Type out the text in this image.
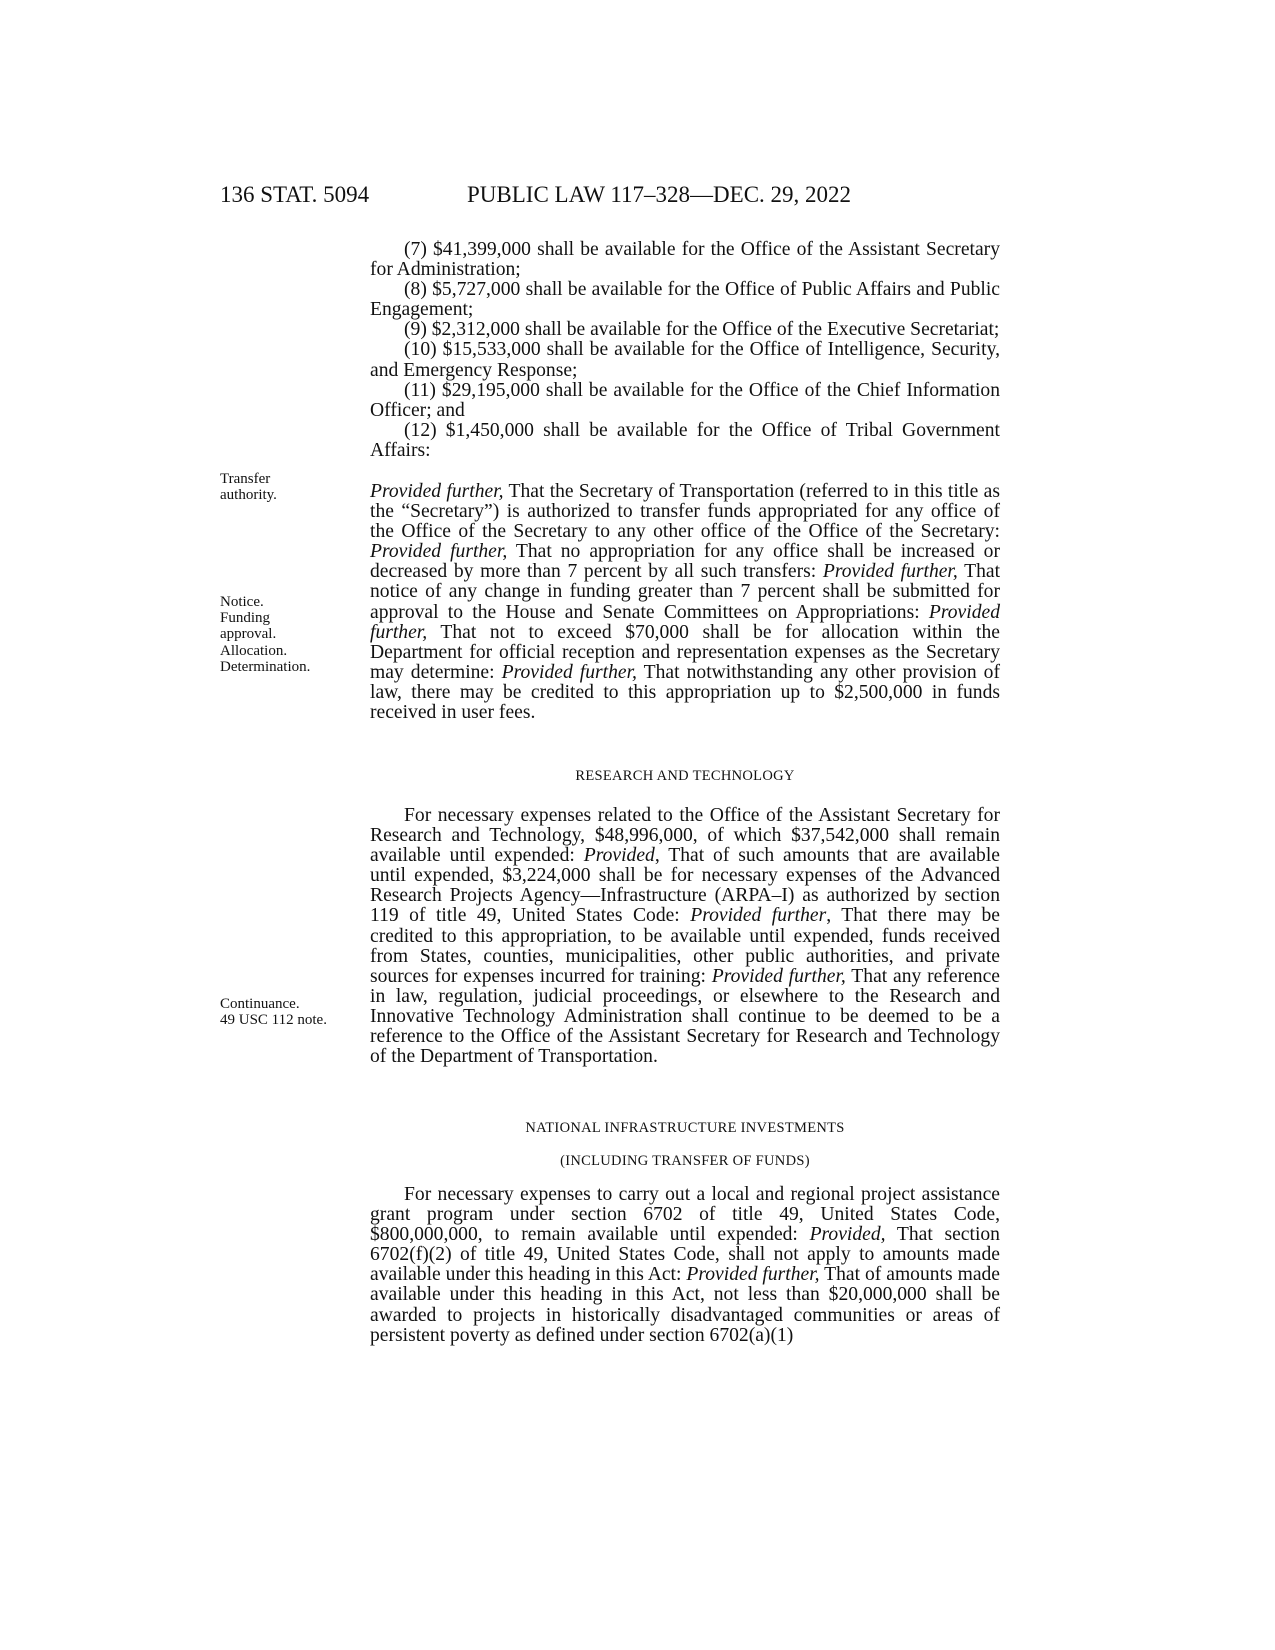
136 STAT. 5094	PUBLIC LAW 117–328—DEC. 29, 2022

(7) $41,399,000 shall be available for the Office of the Assistant Secretary for Administration;

(8) $5,727,000 shall be available for the Office of Public Affairs and Public Engagement;

(9) $2,312,000 shall be available for the Office of the Executive Secretariat;

(10) $15,533,000 shall be available for the Office of Intelligence, Security, and Emergency Response;

(11) $29,195,000 shall be available for the Office of the Chief Information Officer; and

(12) $1,450,000 shall be available for the Office of Tribal Government Affairs:

Transfer
authority.	Provided further, That the Secretary of Transportation (referred to in this title as the “Secretary”) is authorized to transfer funds appropriated for any office of the Office of the Secretary to any other office of the Office of the Secretary: Provided further, That no appropriation for any office shall be increased or decreased by more than 7 percent by all such transfers: Provided further, That notice of any change in funding greater than 7 percent shall be submitted for approval to the House and Senate Committees on Appropriations: Provided further, That not to exceed $70,000 shall be for allocation within the Department for official reception and representation expenses as the Secretary may determine: Provided further, That notwithstanding any other provision of law, there may be credited to this appropriation up to $2,500,000 in funds received in user fees.

Notice.
Funding
approval.
Allocation.
Determination.
RESEARCH AND TECHNOLOGY

For necessary expenses related to the Office of the Assistant Secretary for Research and Technology, $48,996,000, of which $37,542,000 shall remain available until expended: Provided, That of such amounts that are available until expended, $3,224,000 shall be for necessary expenses of the Advanced Research Projects Agency—Infrastructure (ARPA–I) as authorized by section 119 of title 49, United States Code: Provided further, That there may be credited to this appropriation, to be available until expended, funds received from States, counties, municipalities, other public authorities, and private sources for expenses incurred for training: Provided further, That any reference in law, regulation, judicial proceedings, or elsewhere to the Research and Innovative Technology Administration shall continue to be deemed to be a reference to the Office of the Assistant Secretary for Research and Technology of the Department of Transportation.

Continuance.
49 USC 112 note.
NATIONAL INFRASTRUCTURE INVESTMENTS
(INCLUDING TRANSFER OF FUNDS)

For necessary expenses to carry out a local and regional project assistance grant program under section 6702 of title 49, United States Code, $800,000,000, to remain available until expended: Provided, That section 6702(f)(2) of title 49, United States Code, shall not apply to amounts made available under this heading in this Act: Provided further, That of amounts made available under this heading in this Act, not less than $20,000,000 shall be awarded to projects in historically disadvantaged communities or areas of persistent poverty as defined under section 6702(a)(1)
